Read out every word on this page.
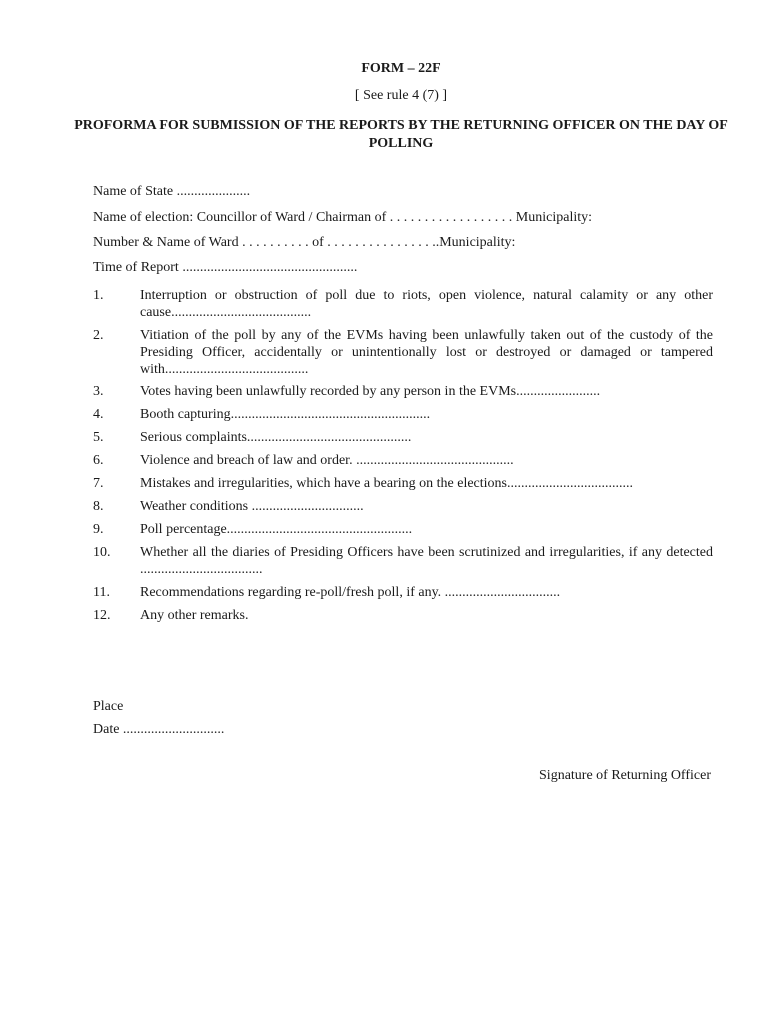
FORM – 22F
[ See rule 4 (7) ]
PROFORMA FOR SUBMISSION OF THE REPORTS BY THE RETURNING OFFICER ON THE DAY OF POLLING
Name of State .....................
Name of election: Councillor of Ward / Chairman of . . . . . . . . . . . . . . . . . . Municipality:
Number & Name of Ward . . . . . . . . . . of . . . . . . . . . . . . . . . ..Municipality:
Time of Report ..................................................
1.	Interruption or obstruction of poll due to riots, open violence, natural calamity or any other cause........................................
2.	Vitiation of the poll by any of the EVMs having been unlawfully taken out of the custody of the Presiding Officer, accidentally or unintentionally lost or destroyed or damaged or tampered with.........................................
3.	Votes having been unlawfully recorded by any person in the EVMs........................
4.	Booth capturing.........................................................
5.	Serious complaints...............................................
6.	Violence and breach of law and order. .............................................
7.	Mistakes and irregularities, which have a bearing on the elections....................................
8.	Weather conditions ................................
9.	Poll percentage.....................................................
10. Whether all the diaries of Presiding Officers have been scrutinized and irregularities, if any detected ...................................
11. Recommendations regarding re-poll/fresh poll, if any. .................................
12. Any other remarks.
Place
Date .............................
Signature of Returning Officer
